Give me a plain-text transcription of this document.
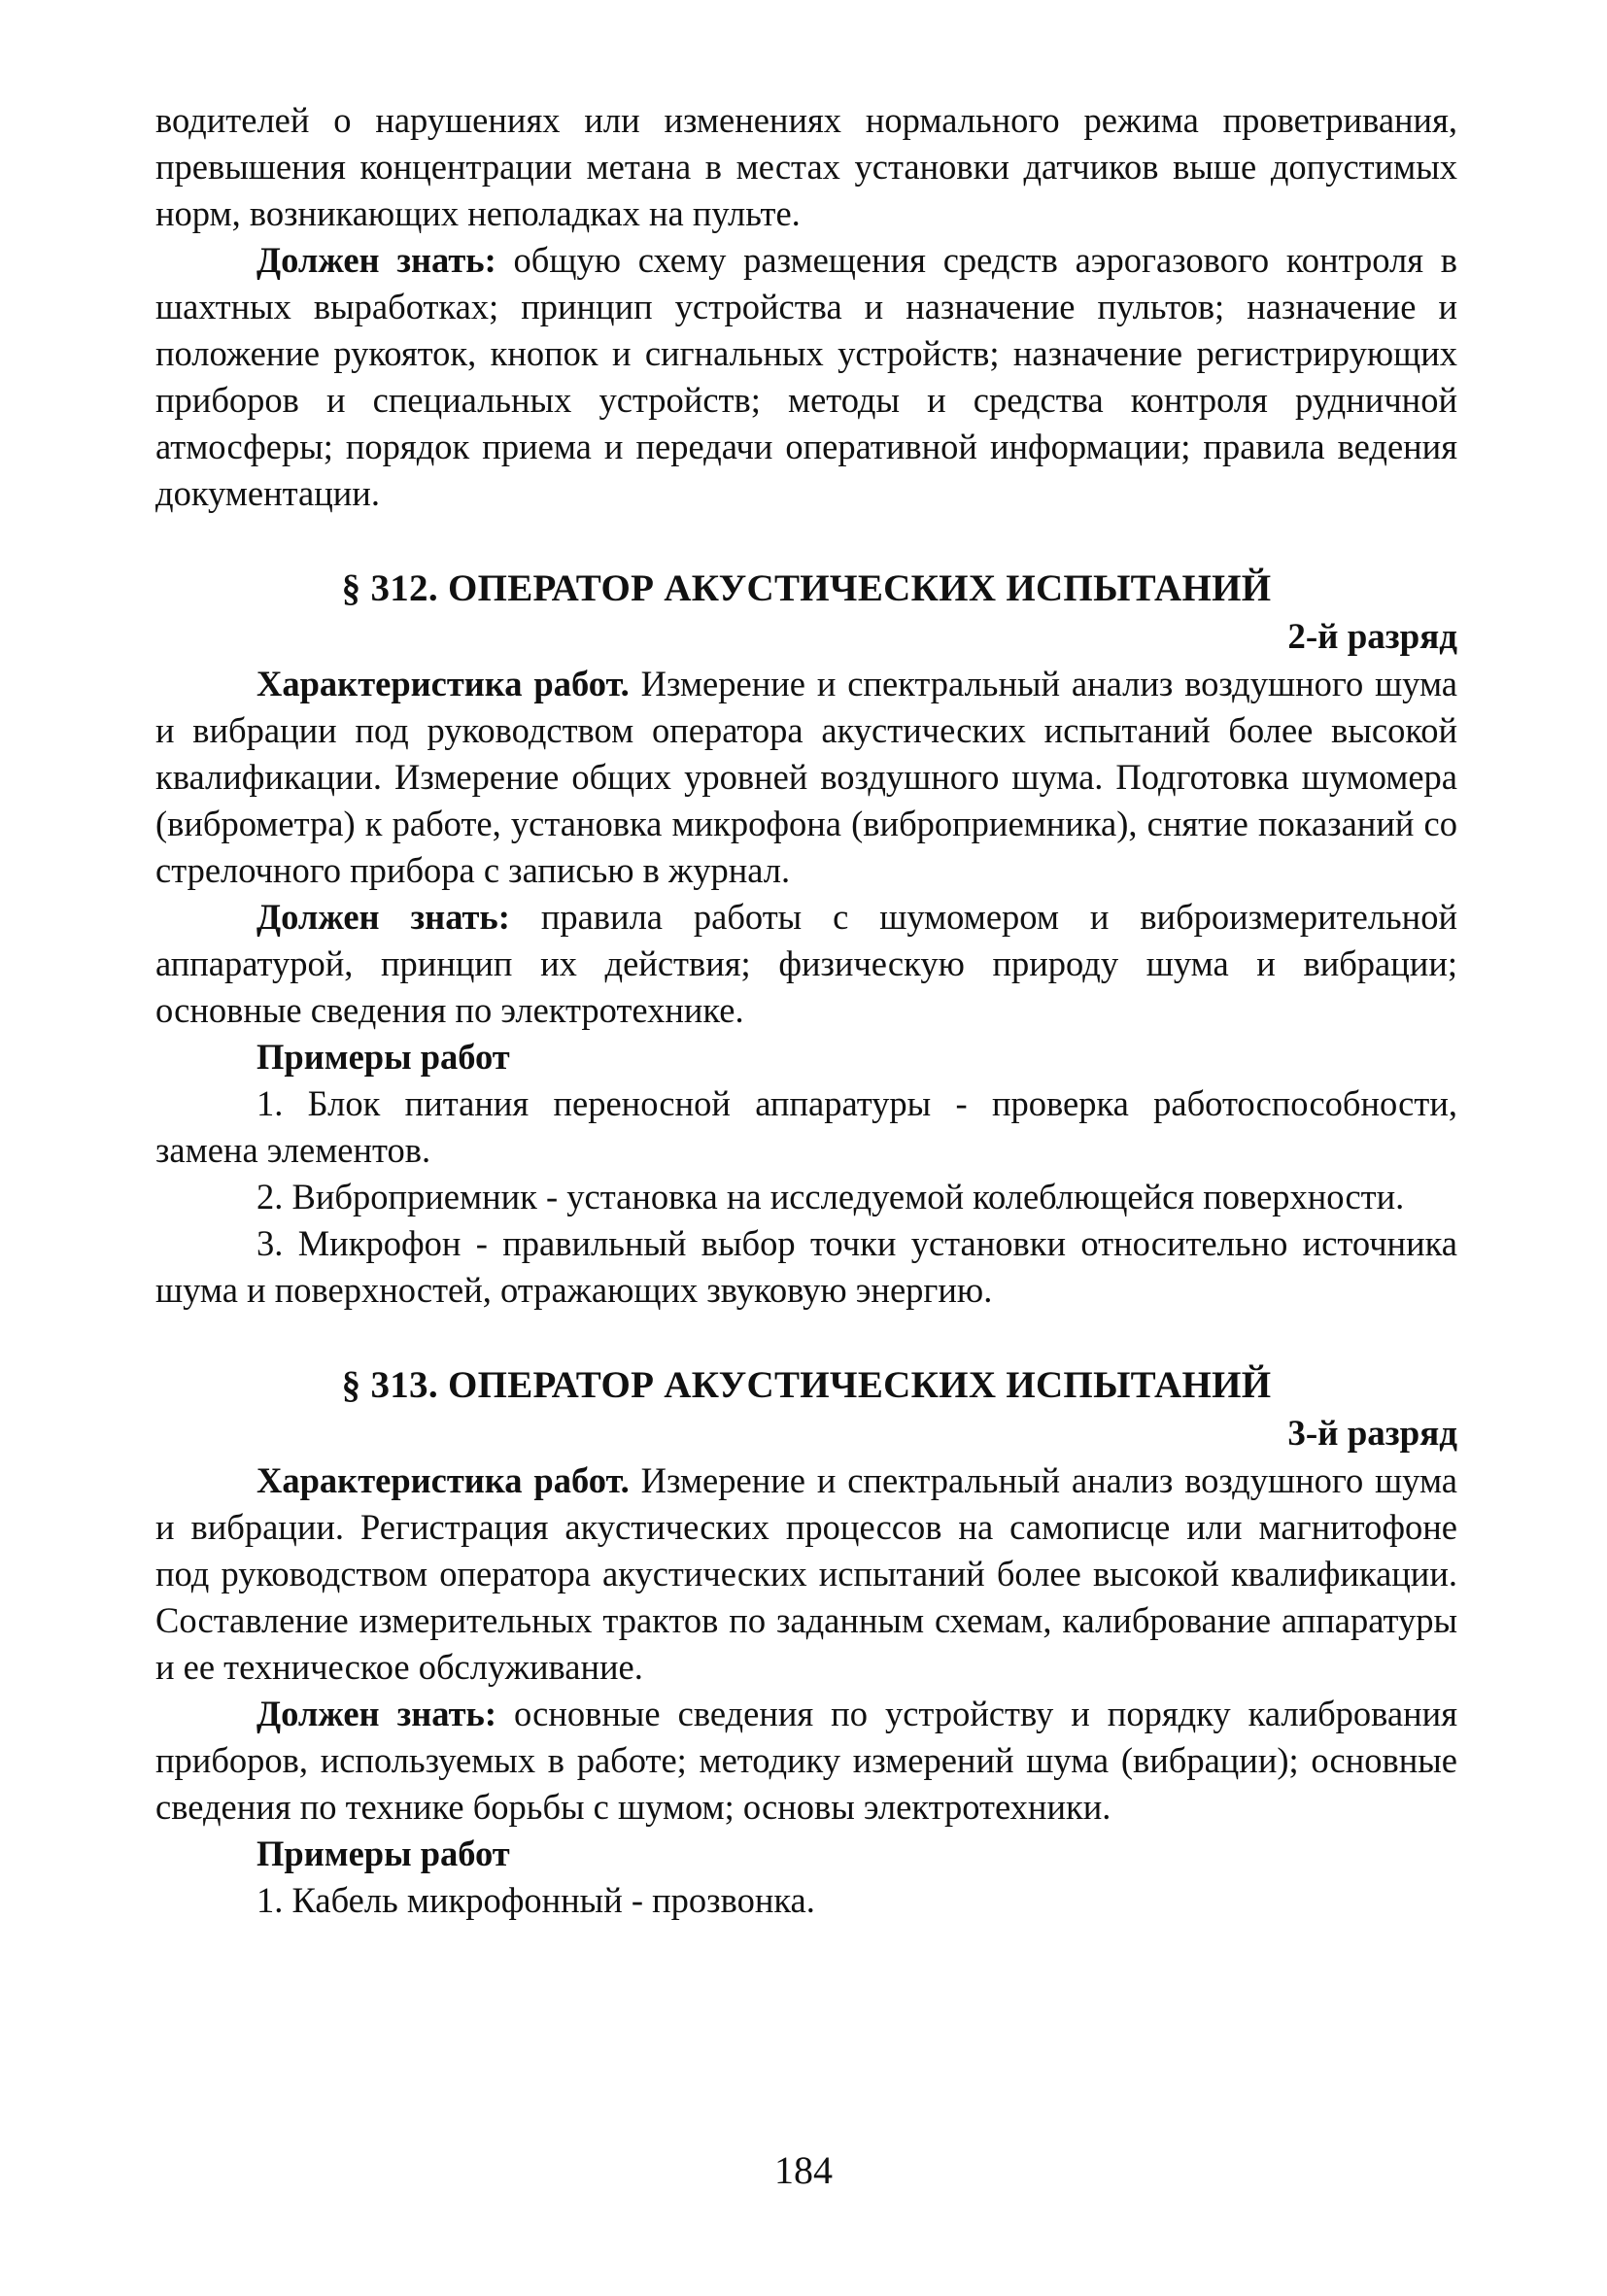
водителей о нарушениях или изменениях нормального режима проветривания, превышения концентрации метана в местах установки датчиков выше допустимых норм, возникающих неполадках на пульте.

Должен знать: общую схему размещения средств аэрогазового контроля в шахтных выработках; принцип устройства и назначение пультов; назначение и положение рукояток, кнопок и сигнальных устройств; назначение регистрирующих приборов и специальных устройств; методы и средства контроля рудничной атмосферы; порядок приема и передачи оперативной информации; правила ведения документации.

§ 312. ОПЕРАТОР АКУСТИЧЕСКИХ ИСПЫТАНИЙ
2-й разряд

Характеристика работ. Измерение и спектральный анализ воздушного шума и вибрации под руководством оператора акустических испытаний более высокой квалификации. Измерение общих уровней воздушного шума. Подготовка шумомера (виброметра) к работе, установка микрофона (виброприемника), снятие показаний со стрелочного прибора с записью в журнал.

Должен знать: правила работы с шумомером и виброизмерительной аппаратурой, принцип их действия; физическую природу шума и вибрации; основные сведения по электротехнике.

Примеры работ

1. Блок питания переносной аппаратуры - проверка работоспособности, замена элементов.

2. Виброприемник - установка на исследуемой колеблющейся поверхности.

3. Микрофон - правильный выбор точки установки относительно источника шума и поверхностей, отражающих звуковую энергию.

§ 313. ОПЕРАТОР АКУСТИЧЕСКИХ ИСПЫТАНИЙ
3-й разряд

Характеристика работ. Измерение и спектральный анализ воздушного шума и вибрации. Регистрация акустических процессов на самописце или магнитофоне под руководством оператора акустических испытаний более высокой квалификации. Составление измерительных трактов по заданным схемам, калибрование аппаратуры и ее техническое обслуживание.

Должен знать: основные сведения по устройству и порядку калибрования приборов, используемых в работе; методику измерений шума (вибрации); основные сведения по технике борьбы с шумом; основы электротехники.

Примеры работ

1. Кабель микрофонный - прозвонка.

184
